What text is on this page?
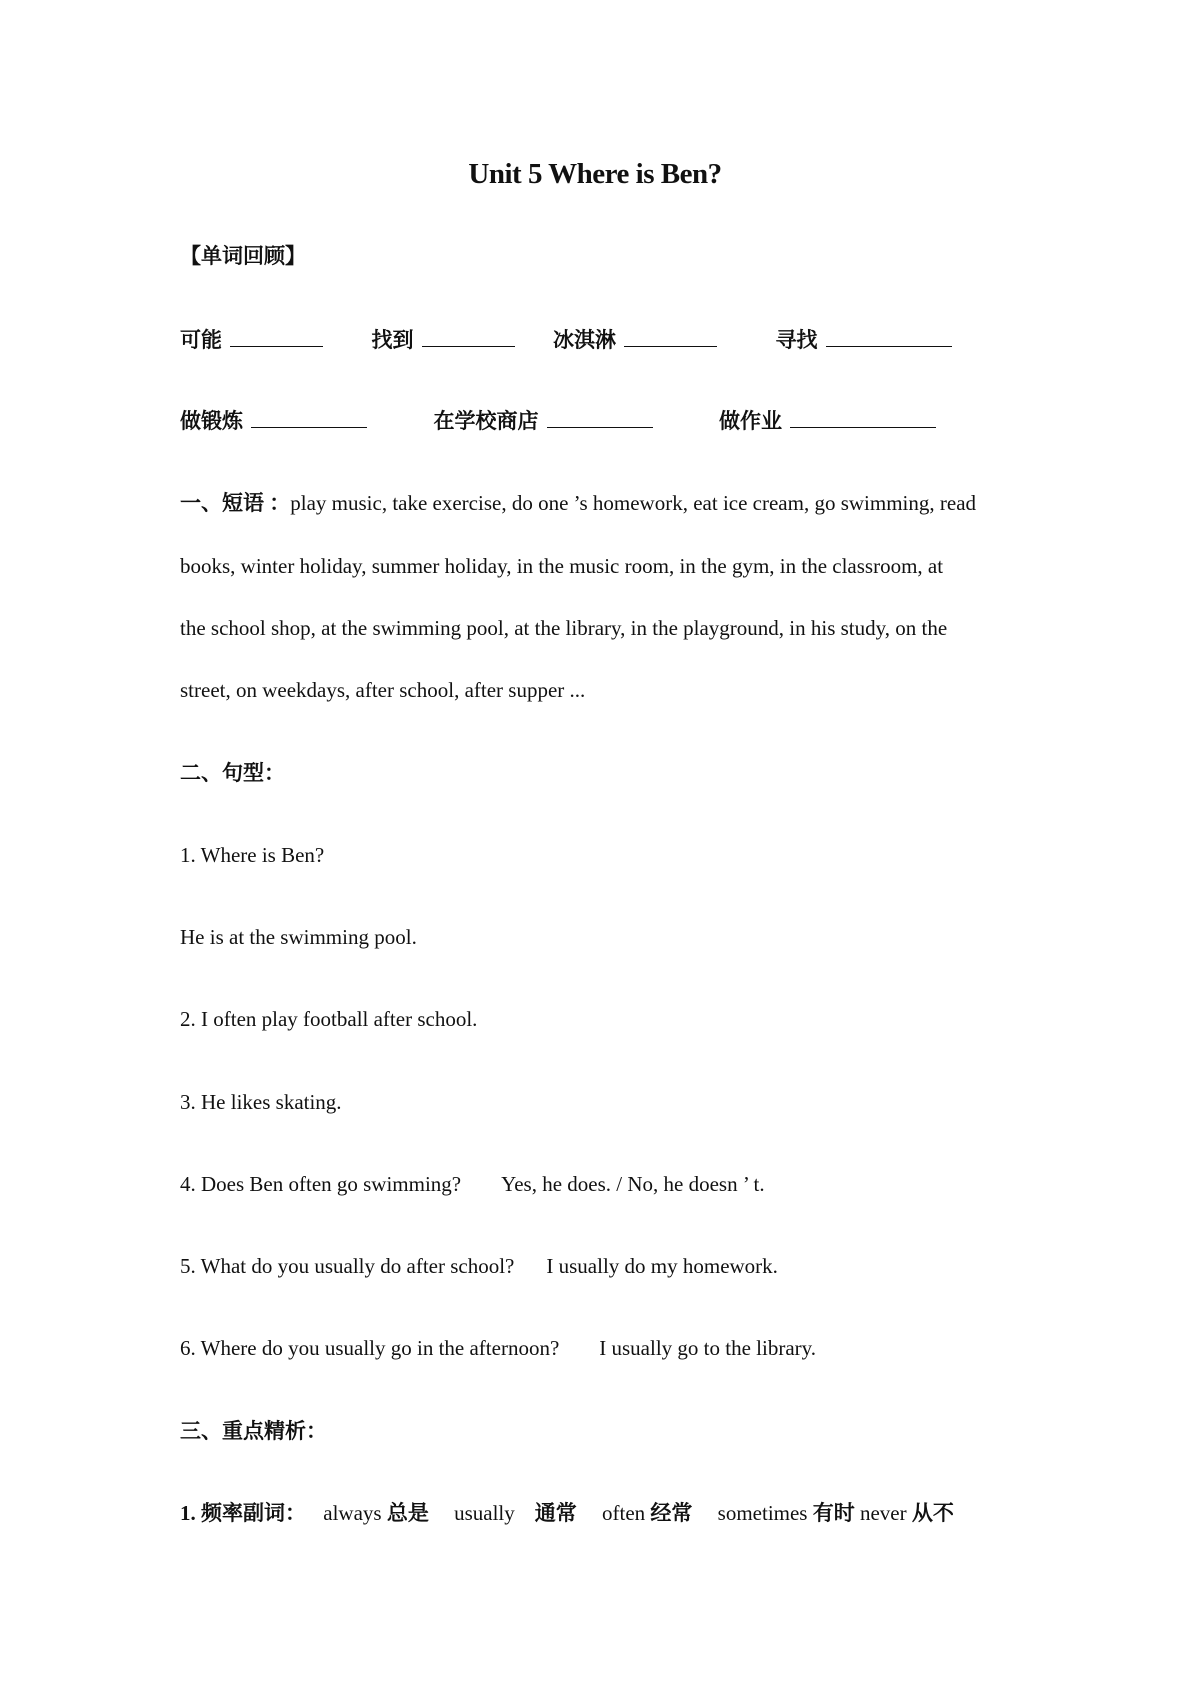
Unit 5 Where is Ben?
【单词回顾】
可能	找到	冰淇淋	寻找
做锻炼	在学校商店	做作业
一、短语 ：play music, take exercise, do one ’s homework, eat ice cream, go swimming, read
books, winter holiday, summer holiday, in the music room, in the gym, in the classroom, at
the school shop, at the swimming pool, at the library, in the playground, in his study, on the
street, on weekdays, after school, after supper ...
二、句型：
1. Where is Ben?
He is at the swimming pool.
2. I often play football after school.
3. He likes skating.
4. Does Ben often go swimming? Yes, he does. / No, he doesn ’ t.
5. What do you usually do after school? I usually do my homework.
6. Where do you usually go in the afternoon? I usually go to the library.
三、重点精析：
1. 频率副词： always 总是 usually 通常 often 经常 sometimes 有时 never 从不
